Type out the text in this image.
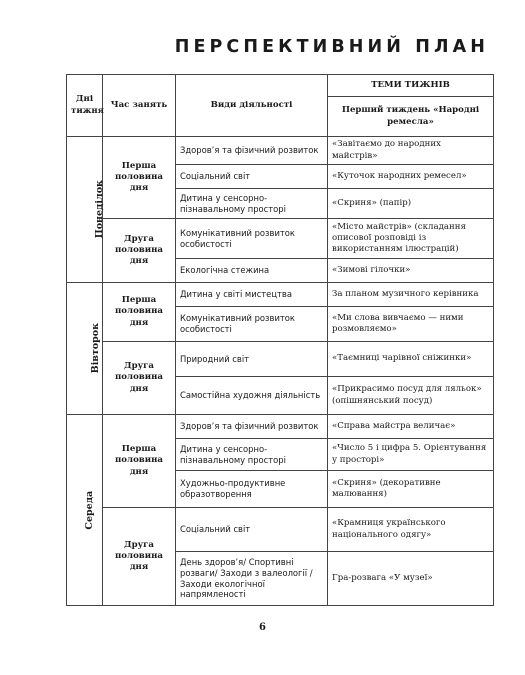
ПЕРСПЕКТИВНИЙ ПЛАН
Дні тижня	Час занять	Види діяльності	ТЕМИ ТИЖНІВ
			Перший тиждень «Народні ремесла»
Понеділок	Перша половина дня	Здоров’я та фізичний розвиток	«Завітаємо до народних майстрів»
		Соціальний світ	«Куточок народних ремесел»
		Дитина у сенсорно-пізнавальному просторі	«Скриня» (папір)
	Друга половина дня	Комунікативний розвиток особистості	«Місто майстрів» (складання описової розповіді із використанням ілюстрацій)
		Екологічна стежина	«Зимові гілочки»
Вівторок	Перша половина дня	Дитина у світі мистецтва	За планом музичного керівника
		Комунікативний розвиток особистості	«Ми слова вивчаємо — ними розмовляємо»
	Друга половина дня	Природний світ	«Таємниці чарівної сніжинки»
		Самостійна художня діяльність	«Прикрасимо посуд для ляльок» (опішнянський посуд)
Середа	Перша половина дня	Здоров’я та фізичний розвиток	«Справа майстра величає»
		Дитина у сенсорно-пізнавальному просторі	«Число 5 і цифра 5. Орієнтування у просторі»
		Художньо-продуктивне образотворення	«Скриня» (декоративне малювання)
	Друга половина дня	Соціальний світ	«Крамниця українського національного одягу»
		День здоров’я/ Спортивні розваги/ Заходи з валеології /Заходи екологічної напрямленості	Гра-розвага «У музеї»
6
